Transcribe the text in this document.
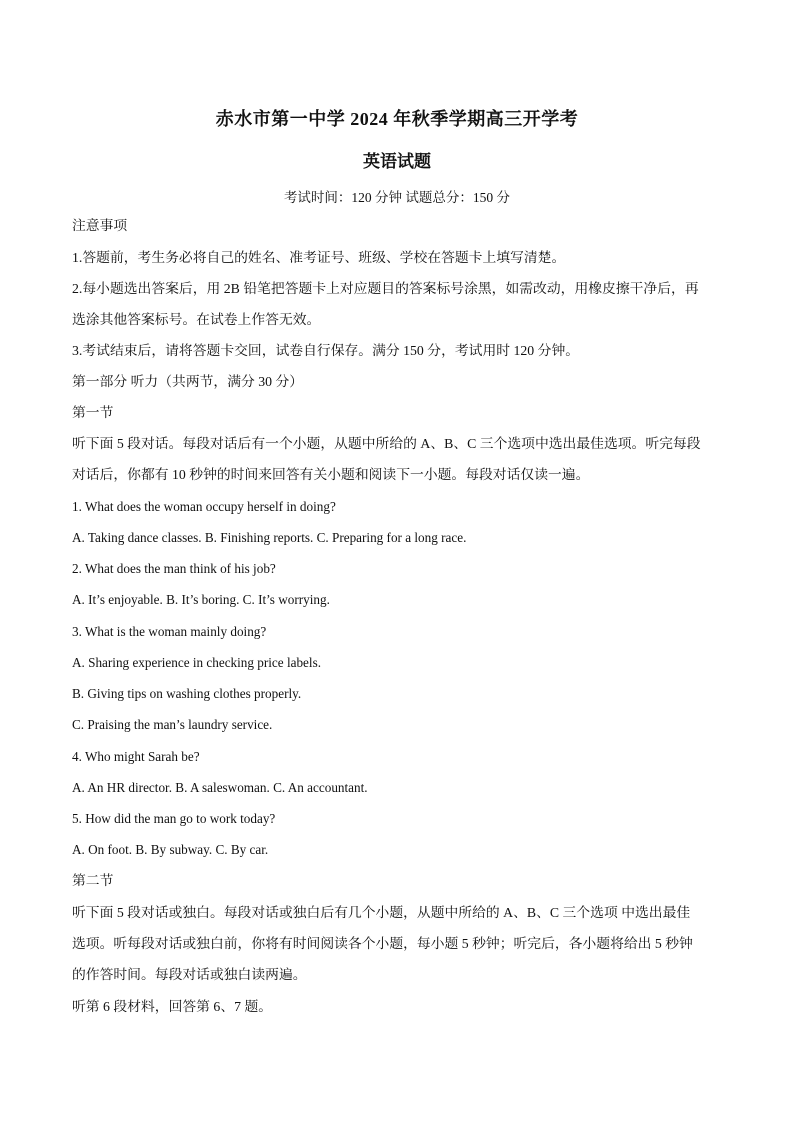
赤水市第一中学 2024 年秋季学期高三开学考
英语试题
考试时间：120 分钟 试题总分：150 分
注意事项
1.答题前，考生务必将自己的姓名、准考证号、班级、学校在答题卡上填写清楚。
2.每小题选出答案后，用 2B 铅笔把答题卡上对应题目的答案标号涂黑，如需改动，用橡皮擦干净后，再
选涂其他答案标号。在试卷上作答无效。
3.考试结束后，请将答题卡交回，试卷自行保存。满分 150 分，考试用时 120 分钟。
第一部分 听力（共两节，满分 30 分）
第一节
听下面 5 段对话。每段对话后有一个小题，从题中所给的 A、B、C 三个选项中选出最佳选项。听完每段
对话后，你都有 10 秒钟的时间来回答有关小题和阅读下一小题。每段对话仅读一遍。
1. What does the woman occupy herself in doing?
A. Taking dance classes. B. Finishing reports. C. Preparing for a long race.
2. What does the man think of his job?
A. It’s enjoyable. B. It’s boring. C. It’s worrying.
3. What is the woman mainly doing?
A. Sharing experience in checking price labels.
B. Giving tips on washing clothes properly.
C. Praising the man’s laundry service.
4. Who might Sarah be?
A. An HR director. B. A saleswoman. C. An accountant.
5. How did the man go to work today?
A. On foot. B. By subway. C. By car.
第二节
听下面 5 段对话或独白。每段对话或独白后有几个小题，从题中所给的 A、B、C 三个选项 中选出最佳
选项。听每段对话或独白前，你将有时间阅读各个小题，每小题 5 秒钟；听完后，各小题将给出 5 秒钟
的作答时间。每段对话或独白读两遍。
听第 6 段材料，回答第 6、7 题。
